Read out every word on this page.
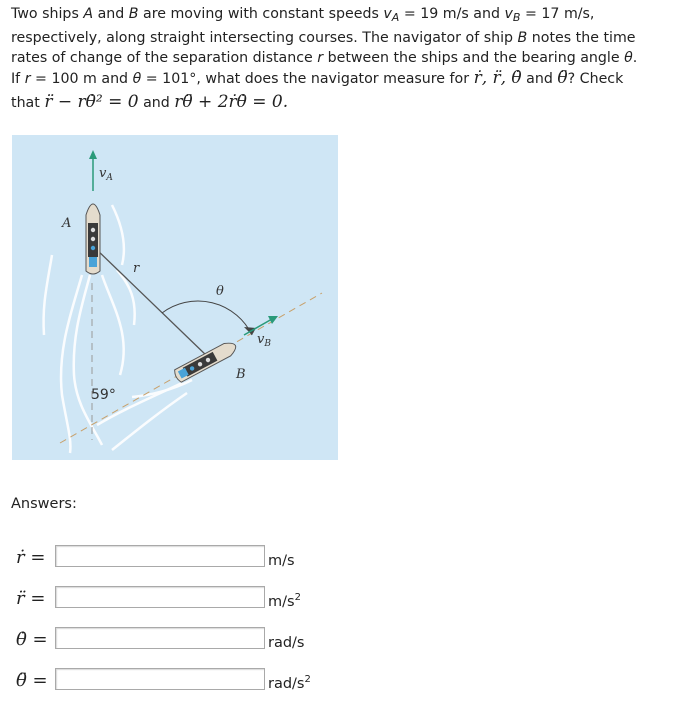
Two ships A and B are moving with constant speeds $v_A = 19$ m/s and $v_B = 17$ m/s,

respectively, along straight intersecting courses. The navigator of ship B notes the time

rates of change of the separation distance r between the ships and the bearing angle θ.

If r = 100 m and θ = 101°, what does the navigator measure for ṙ, r̈, θ̇ and θ̈? Check

that r̈ − rθ̇² = 0 and rθ̈ + 2ṙθ̇ = 0.

$v_A$
A
r
θ
$v_B$
B
59°
Answers:
ṙ =	m/s
r̈ =	$m/s^2$
θ̇ =	rad/s
θ̈ =	rad/$s^2$
